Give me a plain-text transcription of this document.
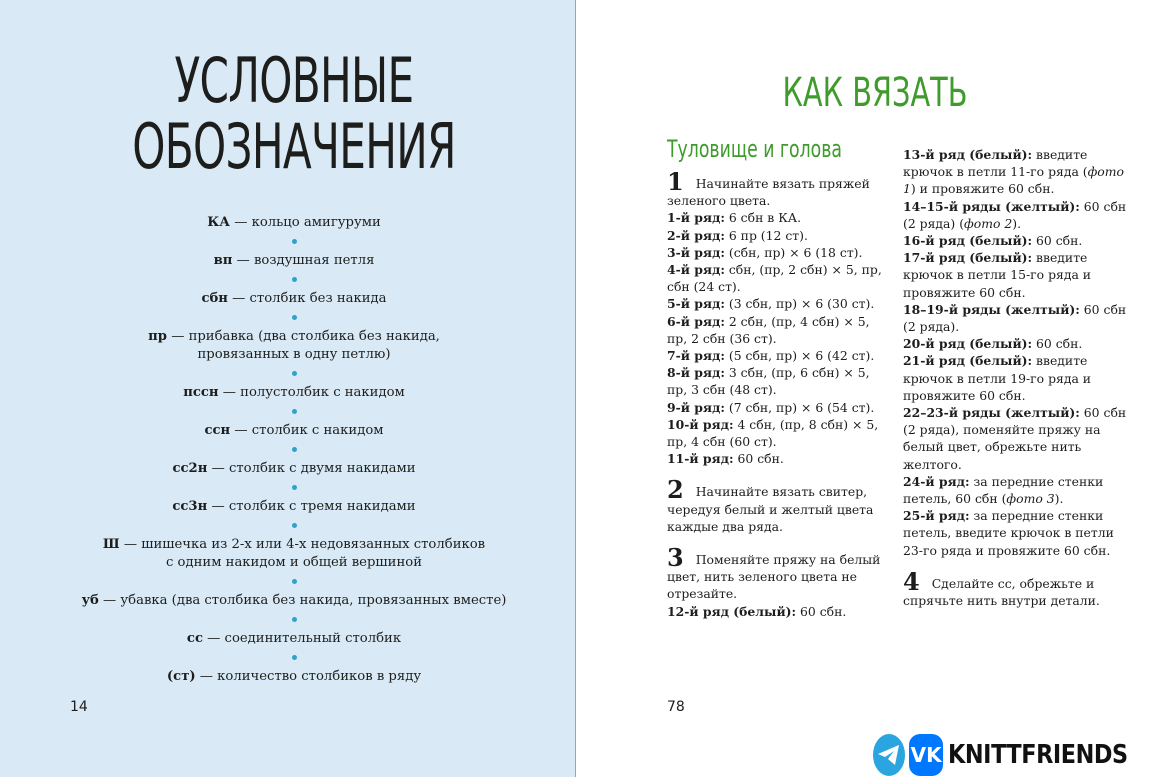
УСЛОВНЫЕ
ОБОЗНАЧЕНИЯ
КА — кольцо амигуруми
вп — воздушная петля
сбн — столбик без накида
пр — прибавка (два столбика без накида,
провязанных в одну петлю)
пссн — полустолбик с накидом
ссн — столбик с накидом
сс2н — столбик с двумя накидами
сс3н — столбик с тремя накидами
Ш — шишечка из 2-х или 4-х недовязанных столбиков
с одним накидом и общей вершиной
уб — убавка (два столбика без накида, провязанных вместе)
сс — соединительный столбик
(ст) — количество столбиков в ряду
14
КАК ВЯЗАТЬ
Туловище и голова

1 Начинайте вязать пряжей зеленого цвета.

1-й ряд: 6 сбн в КА.

2-й ряд: 6 пр (12 ст).

3-й ряд: (сбн, пр) × 6 (18 ст).

4-й ряд: сбн, (пр, 2 сбн) × 5, пр, сбн (24 ст).

5-й ряд: (3 сбн, пр) × 6 (30 ст).

6-й ряд: 2 сбн, (пр, 4 сбн) × 5, пр, 2 сбн (36 ст).

7-й ряд: (5 сбн, пр) × 6 (42 ст).

8-й ряд: 3 сбн, (пр, 6 сбн) × 5, пр, 3 сбн (48 ст).

9-й ряд: (7 сбн, пр) × 6 (54 ст).

10-й ряд: 4 сбн, (пр, 8 сбн) × 5, пр, 4 сбн (60 ст).

11-й ряд: 60 сбн.

2 Начинайте вязать свитер, чередуя белый и желтый цвета каждые два ряда.

3 Поменяйте пряжу на белый цвет, нить зеленого цвета не отрезайте.

12-й ряд (белый): 60 сбн.

13-й ряд (белый): введите крючок в петли 11-го ряда (фото 1) и провяжите 60 сбн.

14–15-й ряды (желтый): 60 сбн (2 ряда) (фото 2).

16-й ряд (белый): 60 сбн.

17-й ряд (белый): введите крючок в петли 15-го ряда и провяжите 60 сбн.

18–19-й ряды (желтый): 60 сбн (2 ряда).

20-й ряд (белый): 60 сбн.

21-й ряд (белый): введите крючок в петли 19-го ряда и провяжите 60 сбн.

22–23-й ряды (желтый): 60 сбн (2 ряда), поменяйте пряжу на белый цвет, обрежьте нить желтого.

24-й ряд: за передние стенки петель, 60 сбн (фото 3).

25-й ряд: за передние стенки петель, введите крючок в петли 23-го ряда и провяжите 60 сбн.

4 Сделайте сс, обрежьте и спрячьте нить внутри детали.

78
VK KNITTFRIENDS
